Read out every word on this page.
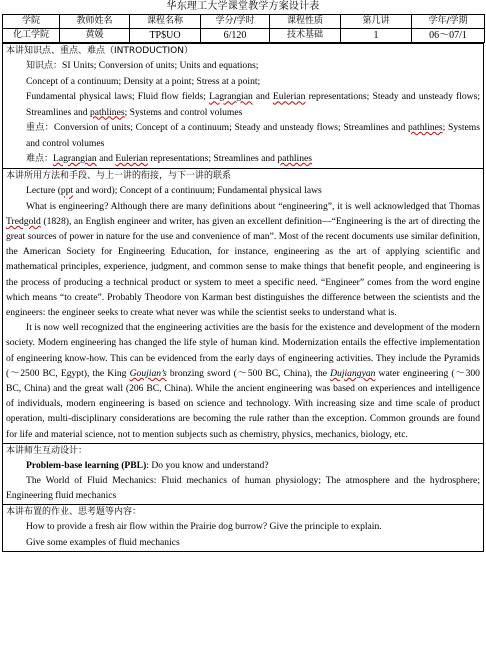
华东理工大学课堂教学方案设计表
学院	教师姓名	课程名称	学分/学时	课程性质	第几讲	学年/学期
化工学院	黄媛	TP$UO	6/120	技术基础	1	06～07/1
本讲知识点、重点、难点（INTRODUCTION）

知识点：SI Units; Conversion of units; Units and equations;

Concept of a continuum; Density at a point; Stress at a point;

Fundamental physical laws; Fluid flow fields; Lagrangian and Eulerian representations; Steady and unsteady flows; Streamlines and pathlines; Systems and control volumes

重点：Conversion of units; Concept of a continuum; Steady and unsteady flows; Streamlines and pathlines; Systems and control volumes

难点：Lagrangian and Eulerian representations; Streamlines and pathlines

本讲所用方法和手段、与上一讲的衔接，与下一讲的联系

Lecture (ppt and word); Concept of a continuum; Fundamental physical laws

What is engineering? Although there are many definitions about “engineering”, it is well acknowledged that Thomas Tredgold (1828), an English engineer and writer, has given an excellent definition—“Engineering is the art of directing the great sources of power in nature for the use and convenience of man”. Most of the recent documents use similar definition, the American Society for Engineering Education, for instance, engineering as the art of applying scientific and mathematical principles, experience, judgment, and common sense to make things that benefit people, and engineering is the process of producing a technical product or system to meet a specific need. “Engineer” comes from the word engine which means “to create”. Probably Theodore von Karman best distinguishes the difference between the scientists and the engineers: the engineer seeks to create what never was while the scientist seeks to understand what is.

It is now well recognized that the engineering activities are the basis for the existence and development of the modern society. Modern engineering has changed the life style of human kind. Modernization entails the effective implementation of engineering know-how. This can be evidenced from the early days of engineering activities. They include the Pyramids (～2500 BC, Egypt), the King Goujian’s bronzing sword (～500 BC, China), the Dujiangyan water engineering (～300 BC, China) and the great wall (206 BC, China). While the ancient engineering was based on experiences and intelligence of individuals, modern engineering is based on science and technology. With increasing size and time scale of product operation, multi-disciplinary considerations are becoming the rule rather than the exception. Common grounds are found for life and material science, not to mention subjects such as chemistry, physics, mechanics, biology, etc.

本讲师生互动设计：

Problem-base learning (PBL): Do you know and understand?

The World of Fluid Mechanics: Fluid mechanics of human physiology; The atmosphere and the hydrosphere; Engineering fluid mechanics

本讲布置的作业、思考题等内容：

How to provide a fresh air flow within the Prairie dog burrow? Give the principle to explain.

Give some examples of fluid mechanics
